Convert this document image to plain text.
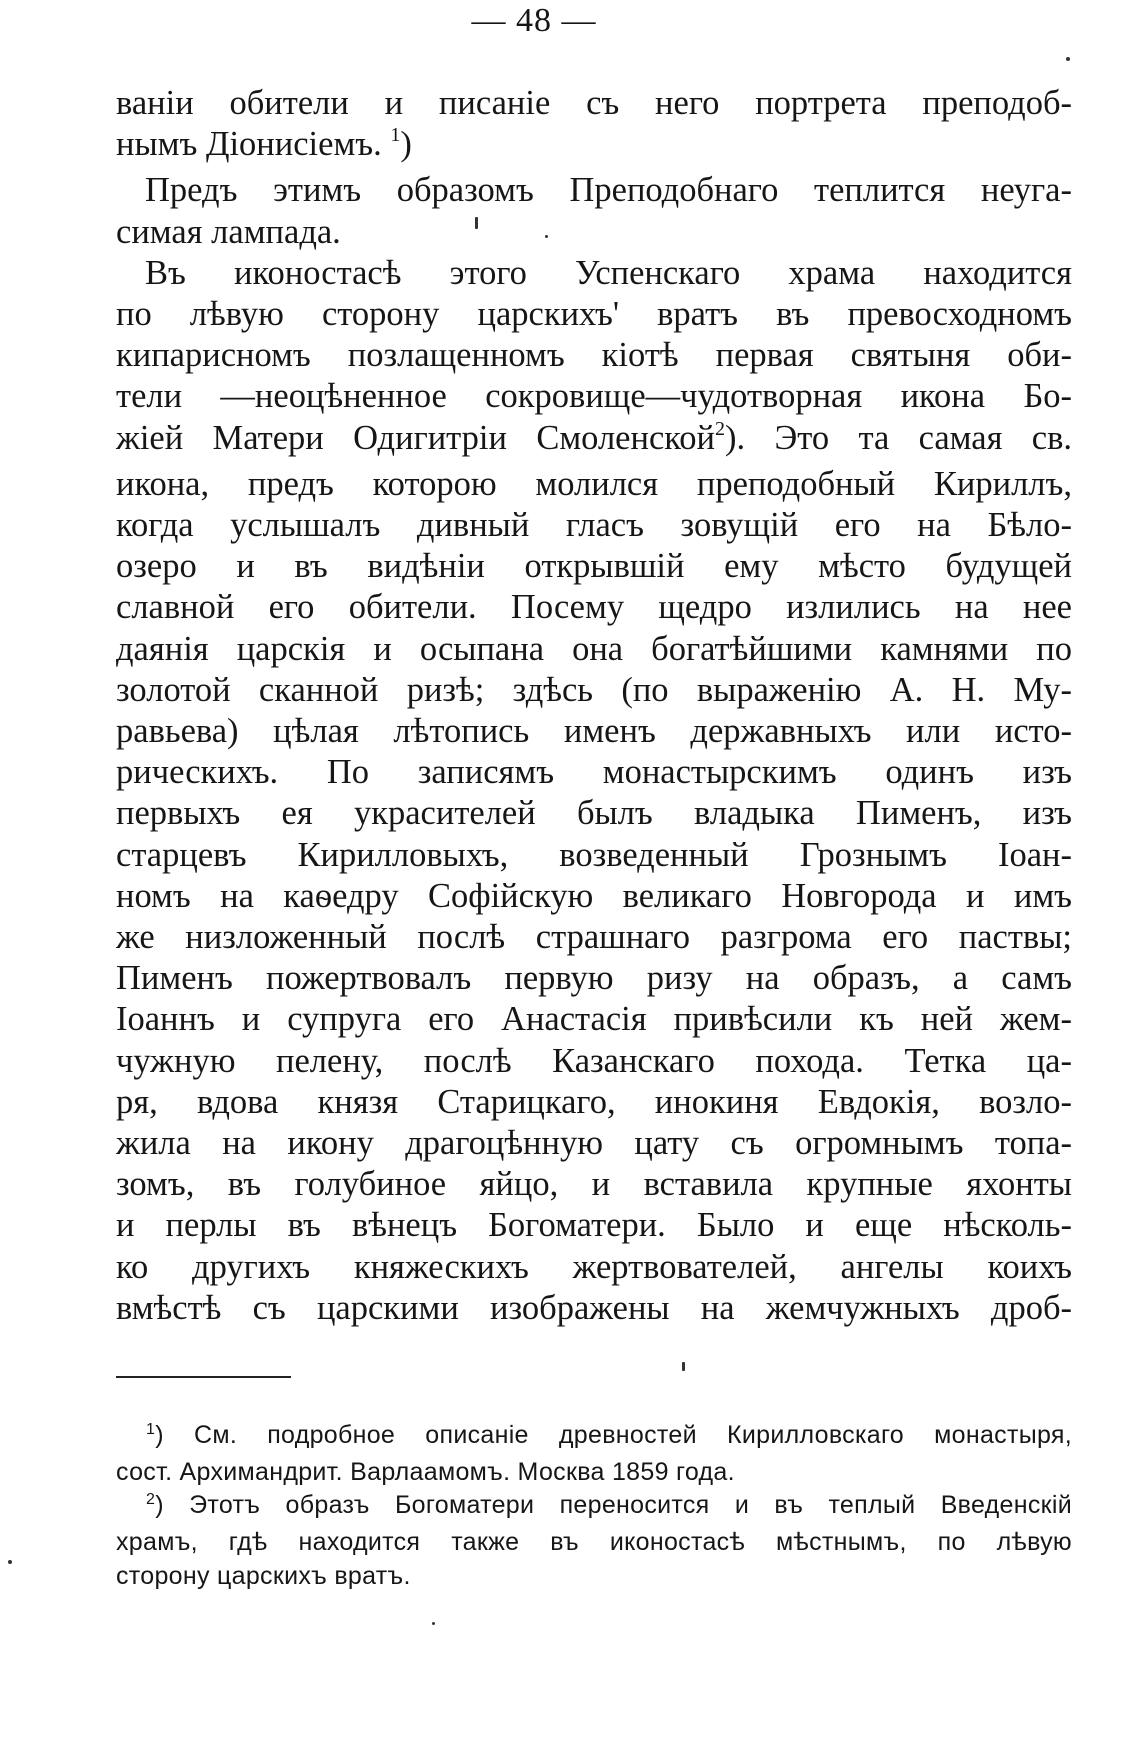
— 48 —
ваніи обители и писаніе съ него портрета преподоб-
нымъ Діонисіемъ. $^1$)
Предъ этимъ образомъ Преподобнаго теплится неуга-
симая лампада.
Въ иконостасѣ этого Успенскаго храма находится
по лѣвую сторону царскихъ' вратъ въ превосходномъ
кипарисномъ позлащенномъ кіотѣ первая святыня оби-
тели —неоцѣненное сокровище—чудотворная икона Бо-
жіей Матери Одигитріи Смоленской$^2$). Это та самая св.
икона, предъ которою молился преподобный Кириллъ,
когда услышалъ дивный гласъ зовущій его на Бѣло-
озеро и въ видѣніи открывшій ему мѣсто будущей
славной его обители. Посему щедро излились на нее
даянія царскія и осыпана она богатѣйшими камнями по
золотой сканной ризѣ; здѣсь (по выраженію А. Н. Му-
равьева) цѣлая лѣтопись именъ державныхъ или исто-
рическихъ. По записямъ монастырскимъ одинъ изъ
первыхъ ея украсителей былъ владыка Пименъ, изъ
старцевъ Кирилловыхъ, возведенный Грознымъ Іоан-
номъ на каѳедру Софійскую великаго Новгорода и имъ
же низложенный послѣ страшнаго разгрома его паствы;
Пименъ пожертвовалъ первую ризу на образъ, а самъ
Іоаннъ и супруга его Анастасія привѣсили къ ней жем-
чужную пелену, послѣ Казанскаго похода. Тетка ца-
ря, вдова князя Старицкаго, инокиня Евдокія, возло-
жила на икону драгоцѣнную цату съ огромнымъ топа-
зомъ, въ голубиное яйцо, и вставила крупные яхонты
и перлы въ вѣнецъ Богоматери. Было и еще нѣсколь-
ко другихъ княжескихъ жертвователей, ангелы коихъ
вмѣстѣ съ царскими изображены на жемчужныхъ дроб-
$^1$) См. подробное описаніе древностей Кирилловскаго монастыря,
сост. Архимандрит. Варлаамомъ. Москва 1859 года.
$^2$) Этотъ образъ Богоматери переносится и въ теплый Введенскій
храмъ, гдѣ находится также въ иконостасѣ мѣстнымъ, по лѣвую
сторону царскихъ вратъ.
